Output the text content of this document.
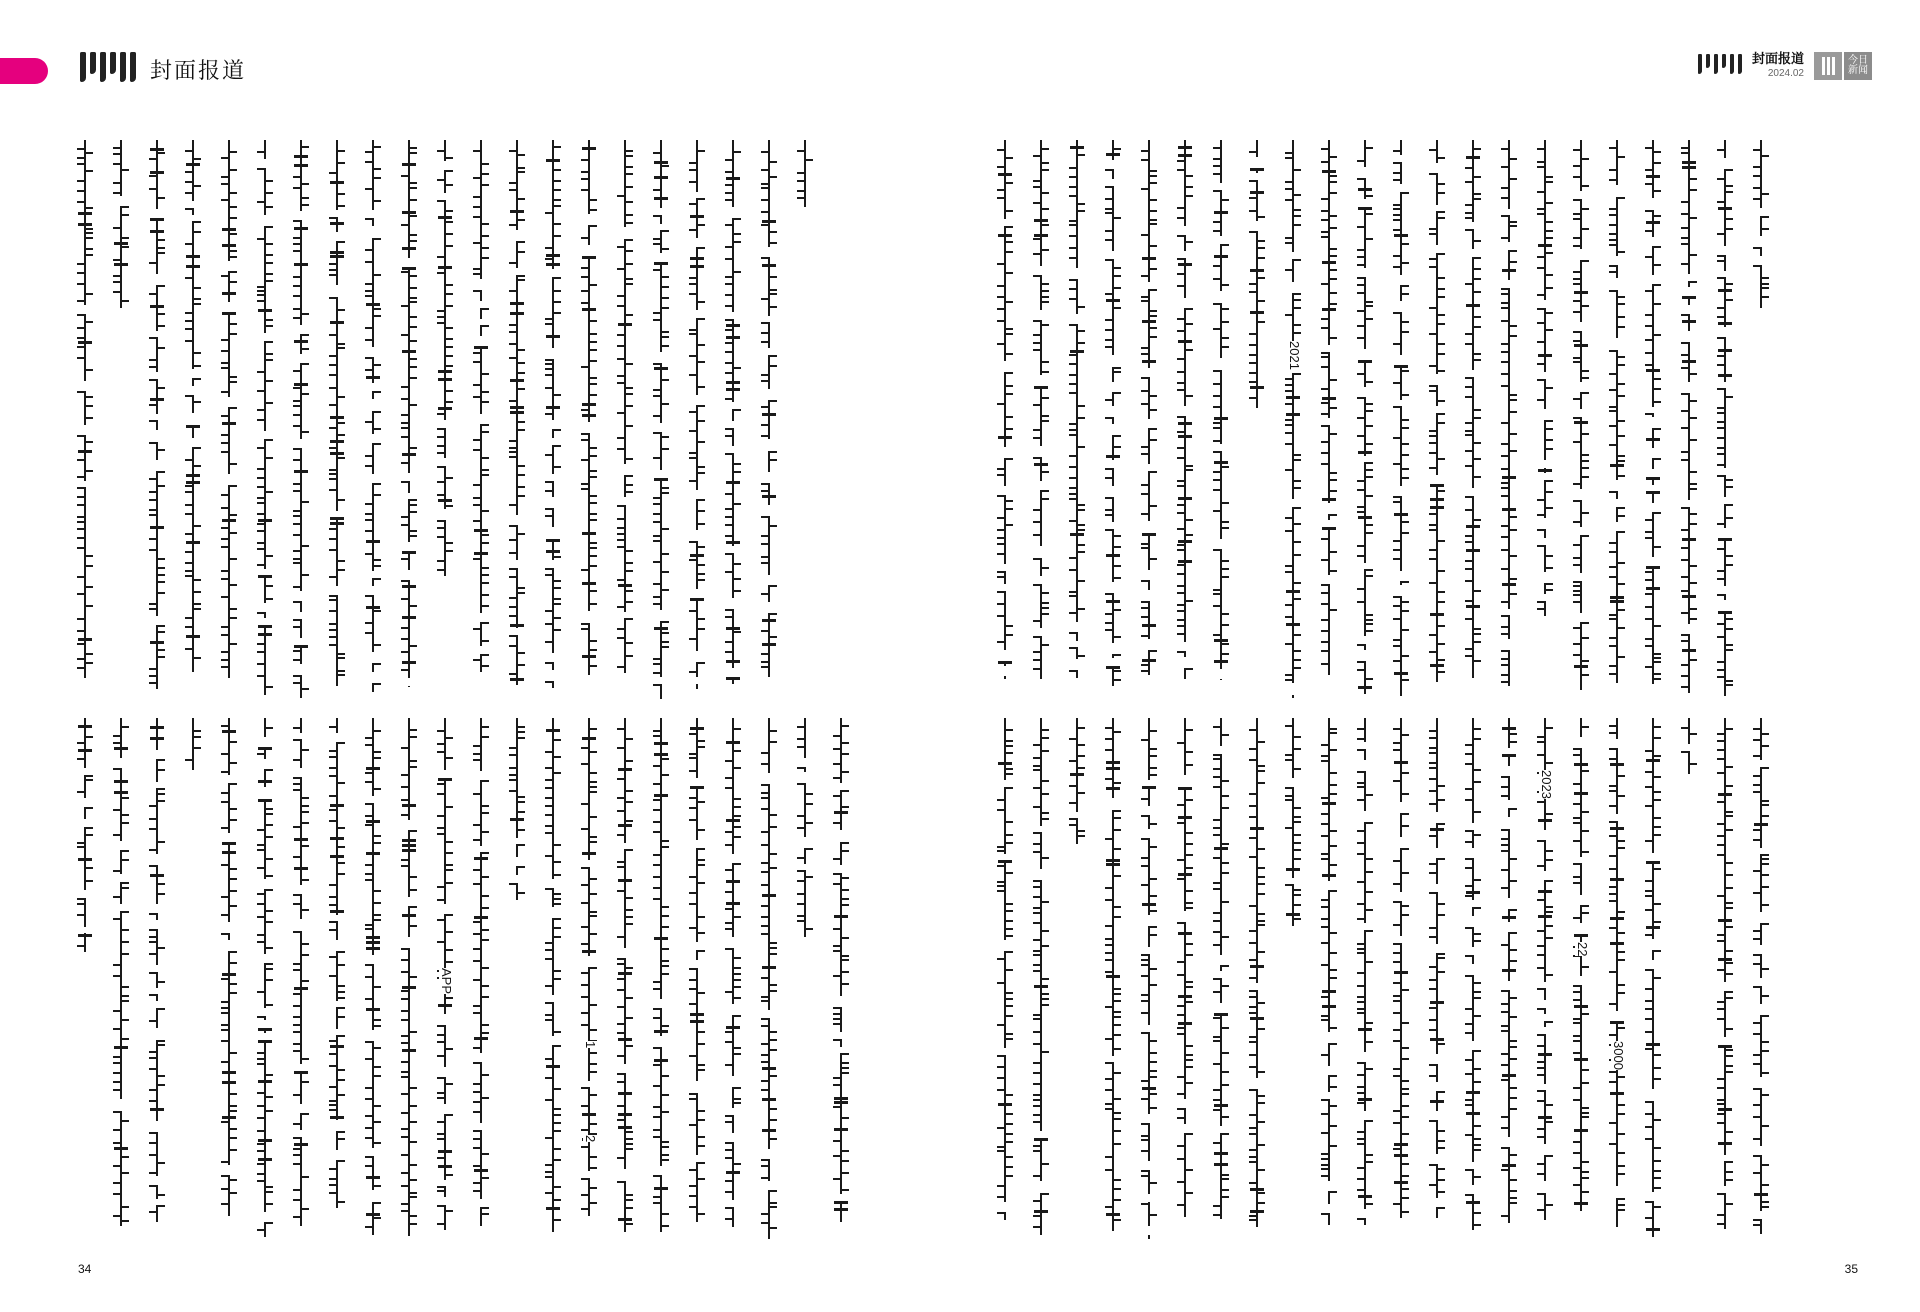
封面报道	封面报道
2024.02
今日
新闻
APP
1
2
2021
2023
22
3000
34	35
